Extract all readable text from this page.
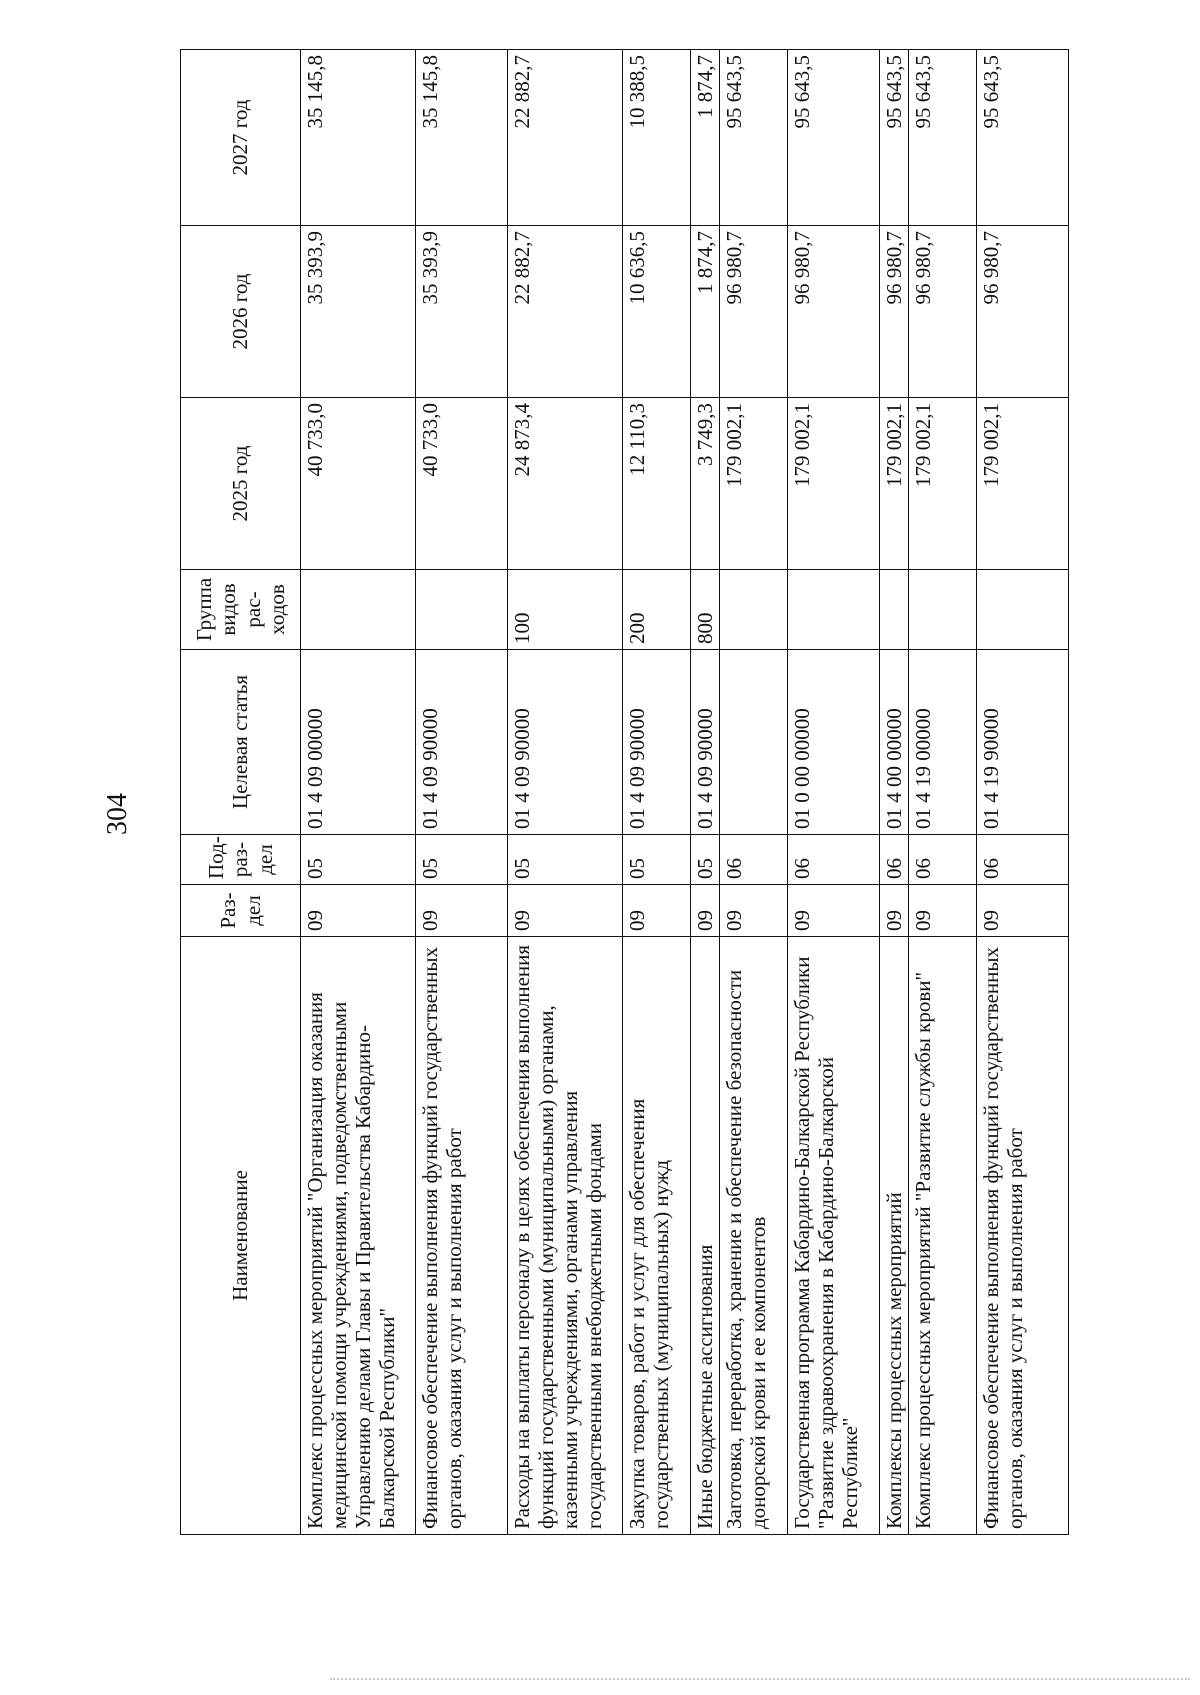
304
Наименование	Раз-дел	Под-раз-дел	Целевая статья	Группа видов рас-ходов	2025 год	2026 год	2027 год
Комплекс процессных мероприятий "Организация оказания медицинской помощи учреждениями, подведомственными Управлению делами Главы и Правительства Кабардино-Балкарской Республики"	09	05	01 4 09 00000		40 733,0	35 393,9	35 145,8
Финансовое обеспечение выполнения функций государственных органов, оказания услуг и выполнения работ	09	05	01 4 09 90000		40 733,0	35 393,9	35 145,8
Расходы на выплаты персоналу в целях обеспечения выполнения функций государственными (муниципальными) органами, казенными учреждениями, органами управления государственными внебюджетными фондами	09	05	01 4 09 90000	100	24 873,4	22 882,7	22 882,7
Закупка товаров, работ и услуг для обеспечения государственных (муниципальных) нужд	09	05	01 4 09 90000	200	12 110,3	10 636,5	10 388,5
Иные бюджетные ассигнования	09	05	01 4 09 90000	800	3 749,3	1 874,7	1 874,7
Заготовка, переработка, хранение и обеспечение безопасности донорской крови и ее компонентов	09	06			179 002,1	96 980,7	95 643,5
Государственная программа Кабардино-Балкарской Республики "Развитие здравоохранения в Кабардино-Балкарской Республике"	09	06	01 0 00 00000		179 002,1	96 980,7	95 643,5
Комплексы процессных мероприятий	09	06	01 4 00 00000		179 002,1	96 980,7	95 643,5
Комплекс процессных мероприятий "Развитие службы крови"	09	06	01 4 19 00000		179 002,1	96 980,7	95 643,5
Финансовое обеспечение выполнения функций государственных органов, оказания услуг и выполнения работ	09	06	01 4 19 90000		179 002,1	96 980,7	95 643,5
